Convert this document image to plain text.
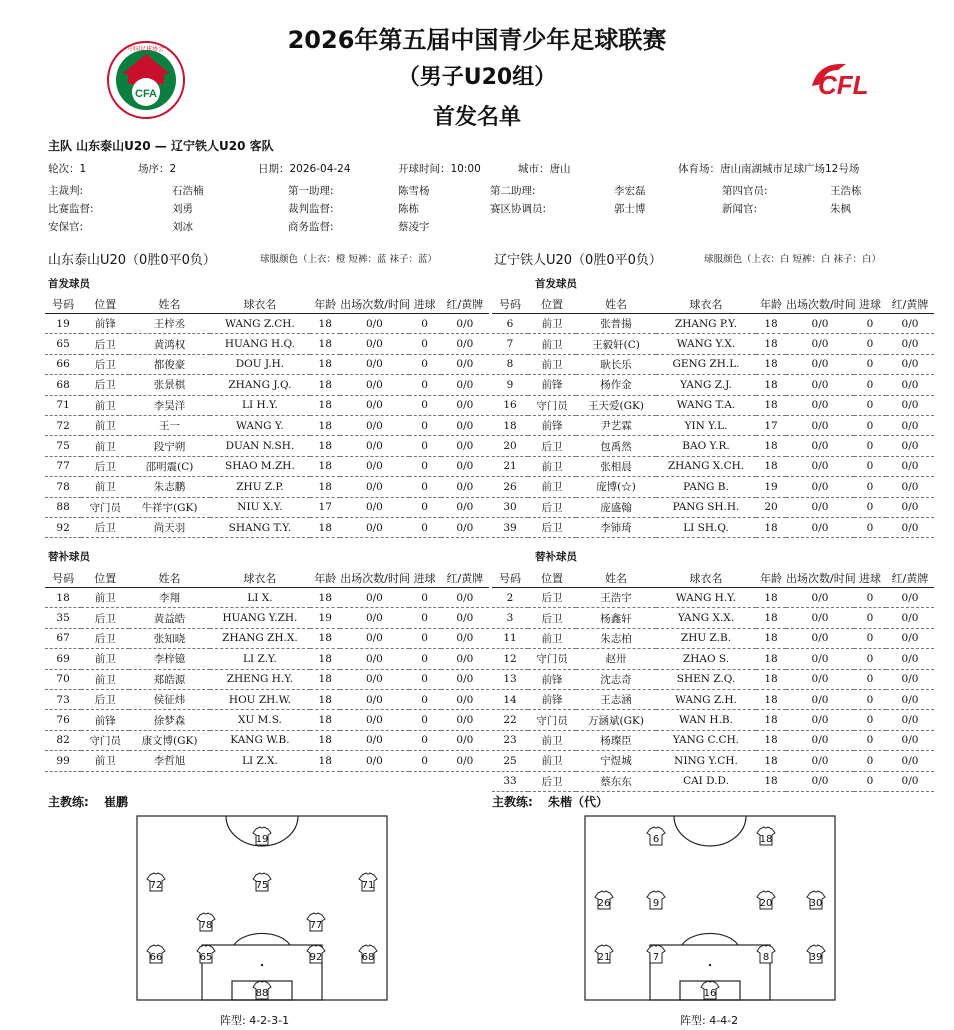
CFA
中国足球协会
CFL
2026年第五届中国青少年足球联赛
（男子U20组）
首发名单
主队 山东泰山U20 — 辽宁铁人U20 客队
轮次：1	场序：2	日期：2026-04-24	开球时间：10:00	城市：唐山	体育场：唐山南湖城市足球广场12号场
主裁判:	石浩楠	第一助理:	陈雪杨	第二助理:	李宏磊	第四官员:	王浩栋
比赛监督:	刘勇	裁判监督:	陈栋	赛区协调员:	郭士博	新闻官:	朱枫
安保官:	刘冰	商务监督:	蔡凌宇
山东泰山U20（0胜0平0负）	球服颜色（上衣：橙 短裤：蓝 袜子：蓝）	辽宁铁人U20（0胜0平0负）	球服颜色（上衣：白 短裤：白 袜子：白）
首发球员	首发球员
号码	位置	姓名	球衣名	年龄	出场次数/时间	进球	红/黄牌
19	前锋	王梓丞	WANG Z.CH.	18	0/0	0	0/0
65	后卫	黄鸿权	HUANG H.Q.	18	0/0	0	0/0
66	后卫	都俊豪	DOU J.H.	18	0/0	0	0/0
68	后卫	张景棋	ZHANG J.Q.	18	0/0	0	0/0
71	前卫	李昊洋	LI H.Y.	18	0/0	0	0/0
72	前卫	王一	WANG Y.	18	0/0	0	0/0
75	前卫	段宁朔	DUAN N.SH.	18	0/0	0	0/0
77	后卫	邵明震(C)	SHAO M.ZH.	18	0/0	0	0/0
78	前卫	朱志鹏	ZHU Z.P.	18	0/0	0	0/0
88	守门员	牛祥宇(GK)	NIU X.Y.	17	0/0	0	0/0
92	后卫	尚天羽	SHANG T.Y.	18	0/0	0	0/0
号码	位置	姓名	球衣名	年龄	出场次数/时间	进球	红/黄牌
6	前卫	张普揚	ZHANG P.Y.	18	0/0	0	0/0
7	前卫	王毅轩(C)	WANG Y.X.	18	0/0	0	0/0
8	前卫	耿长乐	GENG ZH.L.	18	0/0	0	0/0
9	前锋	杨作金	YANG Z.J.	18	0/0	0	0/0
16	守门员	王天爱(GK)	WANG T.A.	18	0/0	0	0/0
18	前锋	尹艺霖	YIN Y.L.	17	0/0	0	0/0
20	后卫	包禹然	BAO Y.R.	18	0/0	0	0/0
21	前卫	张相晨	ZHANG X.CH.	18	0/0	0	0/0
26	前卫	庞博(☆)	PANG B.	19	0/0	0	0/0
30	后卫	庞盛翰	PANG SH.H.	20	0/0	0	0/0
39	后卫	李铈琦	LI SH.Q.	18	0/0	0	0/0
替补球员	替补球员
号码	位置	姓名	球衣名	年龄	出场次数/时间	进球	红/黄牌
18	前卫	李翔	LI X.	18	0/0	0	0/0
35	后卫	黄益皓	HUANG Y.ZH.	19	0/0	0	0/0
67	后卫	张知晓	ZHANG ZH.X.	18	0/0	0	0/0
69	前卫	李梓镱	LI Z.Y.	18	0/0	0	0/0
70	前卫	郑皓源	ZHENG H.Y.	18	0/0	0	0/0
73	后卫	侯征炜	HOU ZH.W.	18	0/0	0	0/0
76	前锋	徐梦森	XU M.S.	18	0/0	0	0/0
82	守门员	康文博(GK)	KANG W.B.	18	0/0	0	0/0
99	前卫	李哲旭	LI Z.X.	18	0/0	0	0/0
号码	位置	姓名	球衣名	年龄	出场次数/时间	进球	红/黄牌
2	后卫	王浩宇	WANG H.Y.	18	0/0	0	0/0
3	后卫	杨鑫轩	YANG X.X.	18	0/0	0	0/0
11	前卫	朱志柏	ZHU Z.B.	18	0/0	0	0/0
12	守门员	赵卅	ZHAO S.	18	0/0	0	0/0
13	前锋	沈志奇	SHEN Z.Q.	18	0/0	0	0/0
14	前锋	王志涵	WANG Z.H.	18	0/0	0	0/0
22	守门员	万涵斌(GK)	WAN H.B.	18	0/0	0	0/0
23	前卫	杨璨臣	YANG C.CH.	18	0/0	0	0/0
25	前卫	宁煜城	NING Y.CH.	18	0/0	0	0/0
33	后卫	蔡东东	CAI D.D.	18	0/0	0	0/0
主教练: 崔鹏	主教练: 朱楷（代）
19
72	75	71
78	77
66	65	92	68
88
6	18
26	9	20	30
21	7	8	39
16
阵型: 4-2-3-1	阵型: 4-4-2
